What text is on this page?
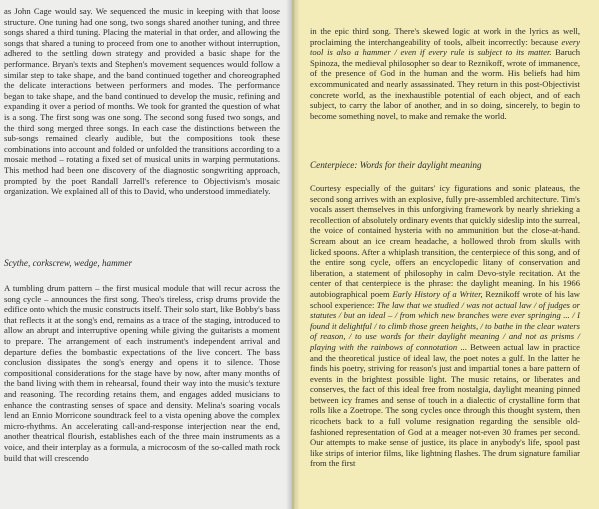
as John Cage would say. We sequenced the music in keeping with that loose structure. One tuning had one song, two songs shared another tuning, and three songs shared a third tuning. Placing the material in that order, and allowing the songs that shared a tuning to proceed from one to another without interruption, adhered to the settling down strategy and provided a basic shape for the performance. Bryan's texts and Stephen's movement sequences would follow a similar step to take shape, and the band continued together and choreographed the delicate interactions between performers and modes. The performance began to take shape, and the band continued to develop the music, refining and expanding it over a period of months. We took for granted the question of what is a song. The first song was one song. The second song fused two songs, and the third song merged three songs. In each case the distinctions between the sub-songs remained clearly audible, but the compositions took these combinations into account and folded or unfolded the transitions according to a mosaic method – rotating a fixed set of musical units in warping permutations. This method had been one discovery of the diagnostic songwriting approach, prompted by the poet Randall Jarrell's reference to Objectivism's mosaic organization. We explained all of this to David, who understood immediately.

Scythe, corkscrew, wedge, hammer

A tumbling drum pattern – the first musical module that will recur across the song cycle – announces the first song. Theo's tireless, crisp drums provide the edifice onto which the music constructs itself. Their solo start, like Bobby's bass that reflects it at the song's end, remains as a trace of the staging, introduced to allow an abrupt and interruptive opening while giving the guitarists a moment to prepare. The arrangement of each instrument's independent arrival and departure defies the bombastic expectations of the live concert. The bass conclusion dissipates the song's energy and opens it to silence. Those compositional considerations for the stage have by now, after many months of the band living with them in rehearsal, found their way into the music's texture and reasoning. The recording retains them, and engages added musicians to enhance the contrasting senses of space and density. Melina's soaring vocals lend an Ennio Morricone soundtrack feel to a vista opening above the complex micro-rhythms. An accelerating call-and-response interjection near the end, another theatrical flourish, establishes each of the three main instruments as a voice, and their interplay as a formula, a microcosm of the so-called math rock build that will crescendo

in the epic third song. There's skewed logic at work in the lyrics as well, proclaiming the interchangeability of tools, albeit incorrectly: because every tool is also a hammer / even if every rule is subject to its matter. Baruch Spinoza, the medieval philosopher so dear to Reznikoff, wrote of immanence, of the presence of God in the human and the worm. His beliefs had him excommunicated and nearly assassinated. They return in this post-Objectivist concrete world, as the inexhaustible potential of each object, and of each subject, to carry the labor of another, and in so doing, sincerely, to begin to become something novel, to make and remake the world.

Centerpiece: Words for their daylight meaning

Courtesy especially of the guitars' icy figurations and sonic plateaus, the second song arrives with an explosive, fully pre-assembled architecture. Tim's vocals assert themselves in this unforgiving framework by nearly shrieking a recollection of absolutely ordinary events that quickly sideslip into the surreal, the voice of contained hysteria with no ammunition but the close-at-hand. Scream about an ice cream headache, a hollowed throb from skulls with licked spoons. After a whiplash transition, the centerpiece of this song, and of the entire song cycle, offers an encyclopedic litany of conservation and liberation, a statement of philosophy in calm Devo-style recitation. At the center of that centerpiece is the phrase: the daylight meaning. In his 1966 autobiographical poem Early History of a Writer, Reznikoff wrote of his law school experience: The law that we studied / was not actual law / of judges or statutes / but an ideal – / from which new branches were ever springing ... / I found it delightful / to climb those green heights, / to bathe in the clear waters of reason, / to use words for their daylight meaning / and not as prisms / playing with the rainbows of connotation ... Between actual law in practice and the theoretical justice of ideal law, the poet notes a gulf. In the latter he finds his poetry, striving for reason's just and impartial tones a bare pattern of events in the brightest possible light. The music retains, or liberates and conserves, the fact of this ideal free from nostalgia, daylight meaning pinned between icy frames and sense of touch in a dialectic of crystalline form that rolls like a Zoetrope. The song cycles once through this thought system, then ricochets back to a full volume resignation regarding the sensible old-fashioned representation of God at a meager not-even 30 frames per second. Our attempts to make sense of justice, its place in anybody's life, spool past like strips of interior films, like lightning flashes. The drum signature familiar from the first
